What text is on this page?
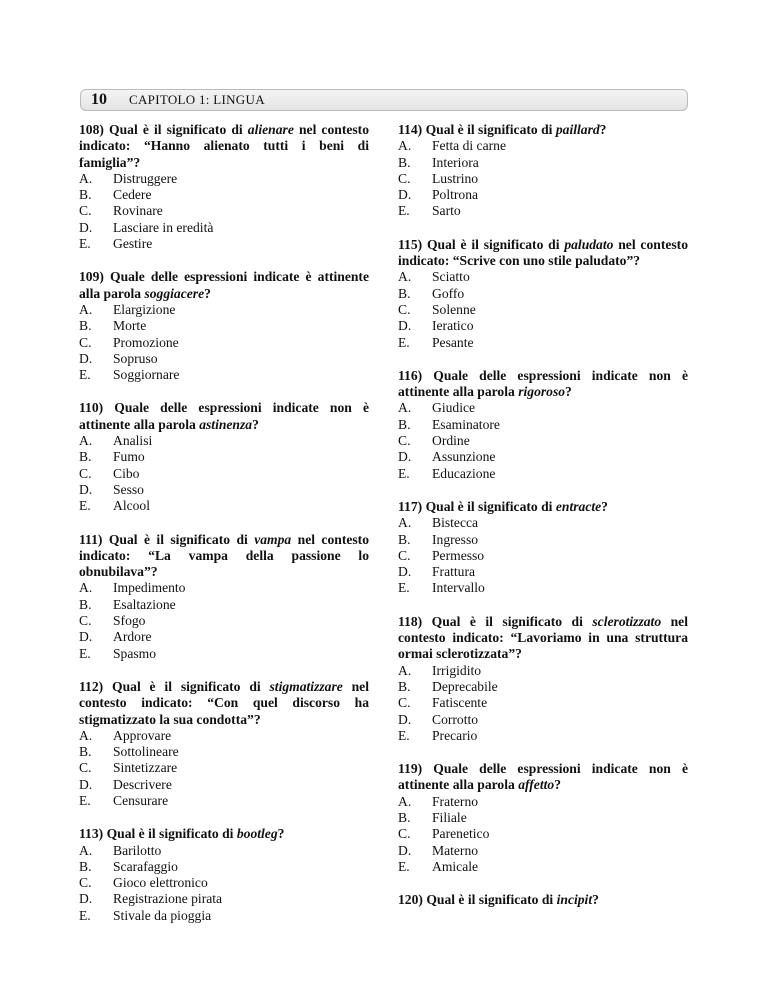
10 CAPITOLO 1: LINGUA
108) Qual è il significato di alienare nel contesto indicato: “Hanno alienato tutti i beni di famiglia”?
A.	Distruggere
B.	Cedere
C.	Rovinare
D.	Lasciare in eredità
E.	Gestire
109) Quale delle espressioni indicate è attinente alla parola soggiacere?
A.	Elargizione
B.	Morte
C.	Promozione
D.	Sopruso
E.	Soggiornare
110) Quale delle espressioni indicate non è attinente alla parola astinenza?
A.	Analisi
B.	Fumo
C.	Cibo
D.	Sesso
E.	Alcool
111) Qual è il significato di vampa nel contesto indicato: “La vampa della passione lo obnubilava”?
A.	Impedimento
B.	Esaltazione
C.	Sfogo
D.	Ardore
E.	Spasmo
112) Qual è il significato di stigmatizzare nel contesto indicato: “Con quel discorso ha stigmatizzato la sua condotta”?
A.	Approvare
B.	Sottolineare
C.	Sintetizzare
D.	Descrivere
E.	Censurare
113) Qual è il significato di bootleg?
A.	Barilotto
B.	Scarafaggio
C.	Gioco elettronico
D.	Registrazione pirata
E.	Stivale da pioggia
114) Qual è il significato di paillard?
A.	Fetta di carne
B.	Interiora
C.	Lustrino
D.	Poltrona
E.	Sarto
115) Qual è il significato di paludato nel contesto indicato: “Scrive con uno stile paludato”?
A.	Sciatto
B.	Goffo
C.	Solenne
D.	Ieratico
E.	Pesante
116) Quale delle espressioni indicate non è attinente alla parola rigoroso?
A.	Giudice
B.	Esaminatore
C.	Ordine
D.	Assunzione
E.	Educazione
117) Qual è il significato di entracte?
A.	Bistecca
B.	Ingresso
C.	Permesso
D.	Frattura
E.	Intervallo
118) Qual è il significato di sclerotizzato nel contesto indicato: “Lavoriamo in una struttura ormai sclerotizzata”?
A.	Irrigidito
B.	Deprecabile
C.	Fatiscente
D.	Corrotto
E.	Precario
119) Quale delle espressioni indicate non è attinente alla parola affetto?
A.	Fraterno
B.	Filiale
C.	Parenetico
D.	Materno
E.	Amicale
120) Qual è il significato di incipit?
